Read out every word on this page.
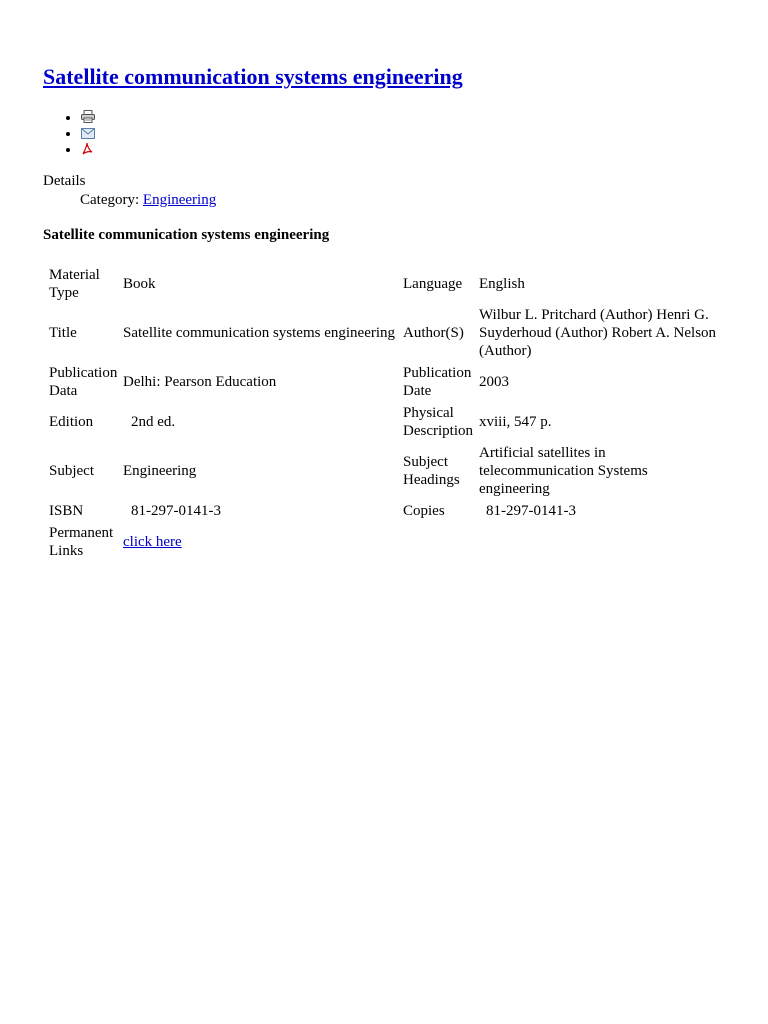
Satellite communication systems engineering
•
•
•
Details
Category: Engineering
Satellite communication systems engineering
Material Type	Book	Language	English
Title	Satellite communication systems engineering	Author(S)	Wilbur L. Pritchard (Author) Henri G. Suyderhoud (Author) Robert A. Nelson (Author)
Publication Data	Delhi: Pearson Education	Publication Date	2003
Edition	2nd ed.	Physical Description	xviii, 547 p.
Subject	Engineering	Subject Headings	Artificial satellites in telecommunication Systems engineering
ISBN	81-297-0141-3	Copies	81-297-0141-3
Permanent Links	click here		
